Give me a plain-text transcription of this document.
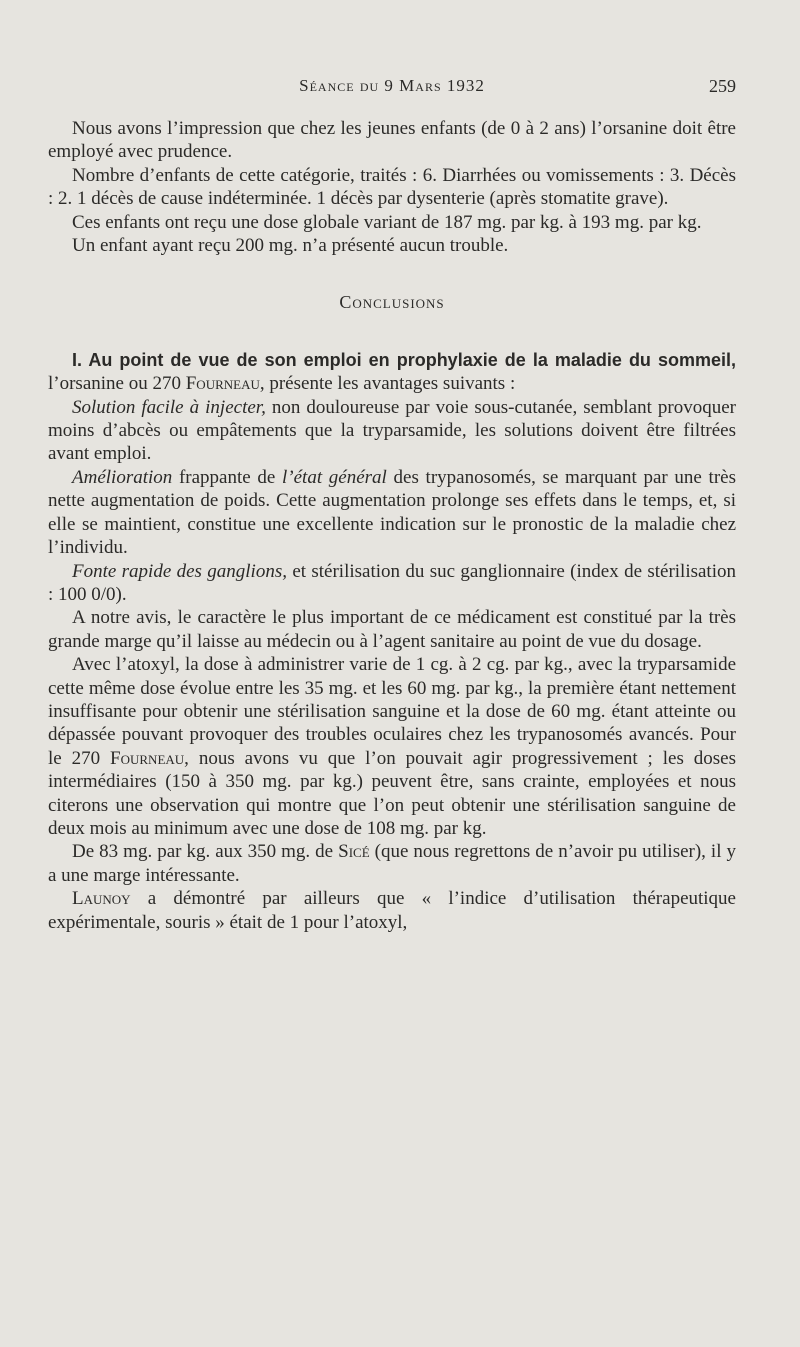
Séance du 9 Mars 1932	259

Nous avons l’impression que chez les jeunes enfants (de 0 à 2 ans) l’orsanine doit être employé avec prudence.

Nombre d’enfants de cette catégorie, traités : 6. Diarrhées ou vomissements : 3. Décès : 2. 1 décès de cause indéterminée. 1 décès par dysenterie (après stomatite grave).

Ces enfants ont reçu une dose globale variant de 187 mg. par kg. à 193 mg. par kg.

Un enfant ayant reçu 200 mg. n’a présenté aucun trouble.

Conclusions

I. Au point de vue de son emploi en prophylaxie de la maladie du sommeil, l’orsanine ou 270 Fourneau, présente les avantages suivants :

Solution facile à injecter, non douloureuse par voie sous-cutanée, semblant provoquer moins d’abcès ou empâtements que la tryparsamide, les solutions doivent être filtrées avant emploi.

Amélioration frappante de l’état général des trypanosomés, se marquant par une très nette augmentation de poids. Cette augmentation prolonge ses effets dans le temps, et, si elle se maintient, constitue une excellente indication sur le pronostic de la maladie chez l’individu.

Fonte rapide des ganglions, et stérilisation du suc ganglionnaire (index de stérilisation : 100 0/0).

A notre avis, le caractère le plus important de ce médicament est constitué par la très grande marge qu’il laisse au médecin ou à l’agent sanitaire au point de vue du dosage.

Avec l’atoxyl, la dose à administrer varie de 1 cg. à 2 cg. par kg., avec la tryparsamide cette même dose évolue entre les 35 mg. et les 60 mg. par kg., la première étant nettement insuffisante pour obtenir une stérilisation sanguine et la dose de 60 mg. étant atteinte ou dépassée pouvant provoquer des troubles oculaires chez les trypanosomés avancés. Pour le 270 Fourneau, nous avons vu que l’on pouvait agir progressivement ; les doses intermédiaires (150 à 350 mg. par kg.) peuvent être, sans crainte, employées et nous citerons une observation qui montre que l’on peut obtenir une stérilisation sanguine de deux mois au minimum avec une dose de 108 mg. par kg.

De 83 mg. par kg. aux 350 mg. de Sicé (que nous regrettons de n’avoir pu utiliser), il y a une marge intéressante.

Launoy a démontré par ailleurs que « l’indice d’utilisation thérapeutique expérimentale, souris » était de 1 pour l’atoxyl,
